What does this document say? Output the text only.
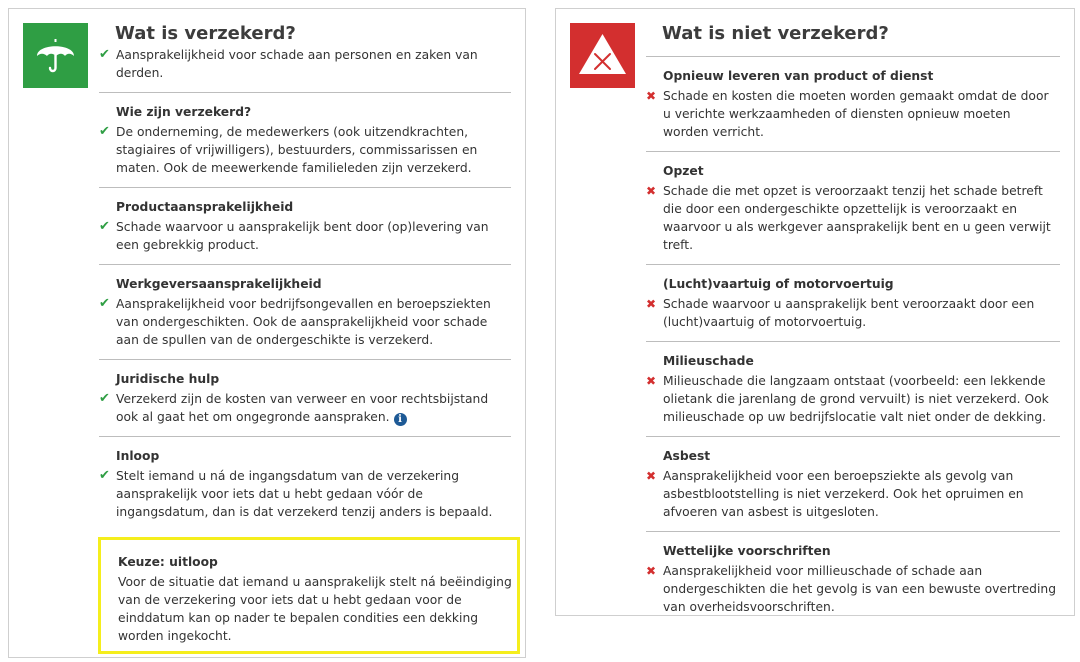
Wat is verzekerd?
✔ Aansprakelijkheid voor schade aan personen en zaken van derden.
Wie zijn verzekerd?
✔ De onderneming, de medewerkers (ook uitzendkrachten, stagiaires of vrijwilligers), bestuurders, commissarissen en maten. Ook de meewerkende familieleden zijn verzekerd.
Productaansprakelijkheid
✔ Schade waarvoor u aansprakelijk bent door (op)levering van een gebrekkig product.
Werkgeversaansprakelijkheid
✔ Aansprakelijkheid voor bedrijfsongevallen en beroepsziekten van ondergeschikten. Ook de aansprakelijkheid voor schade aan de spullen van de ondergeschikte is verzekerd.
Juridische hulp
✔ Verzekerd zijn de kosten van verweer en voor rechtsbijstand ook al gaat het om ongegronde aanspraken. i
Inloop
✔ Stelt iemand u ná de ingangsdatum van de verzekering aansprakelijk voor iets dat u hebt gedaan vóór de ingangsdatum, dan is dat verzekerd tenzij anders is bepaald.
Keuze: uitloop
Voor de situatie dat iemand u aansprakelijk stelt ná beëindiging van de verzekering voor iets dat u hebt gedaan voor de einddatum kan op nader te bepalen condities een dekking worden ingekocht.
Wat is niet verzekerd?
Opnieuw leveren van product of dienst
✖ Schade en kosten die moeten worden gemaakt omdat de door u verichte werkzaamheden of diensten opnieuw moeten worden verricht.
Opzet
✖ Schade die met opzet is veroorzaakt tenzij het schade betreft die door een ondergeschikte opzettelijk is veroorzaakt en waarvoor u als werkgever aansprakelijk bent en u geen verwijt treft.
(Lucht)vaartuig of motorvoertuig
✖ Schade waarvoor u aansprakelijk bent veroorzaakt door een (lucht)vaartuig of motorvoertuig.
Milieuschade
✖ Milieuschade die langzaam ontstaat (voorbeeld: een lekkende olietank die jarenlang de grond vervuilt) is niet verzekerd. Ook milieuschade op uw bedrijfslocatie valt niet onder de dekking.
Asbest
✖ Aansprakelijkheid voor een beroepsziekte als gevolg van asbestblootstelling is niet verzekerd. Ook het opruimen en afvoeren van asbest is uitgesloten.
Wettelijke voorschriften
✖ Aansprakelijkheid voor millieuschade of schade aan ondergeschikten die het gevolg is van een bewuste overtreding van overheidsvoorschriften.
